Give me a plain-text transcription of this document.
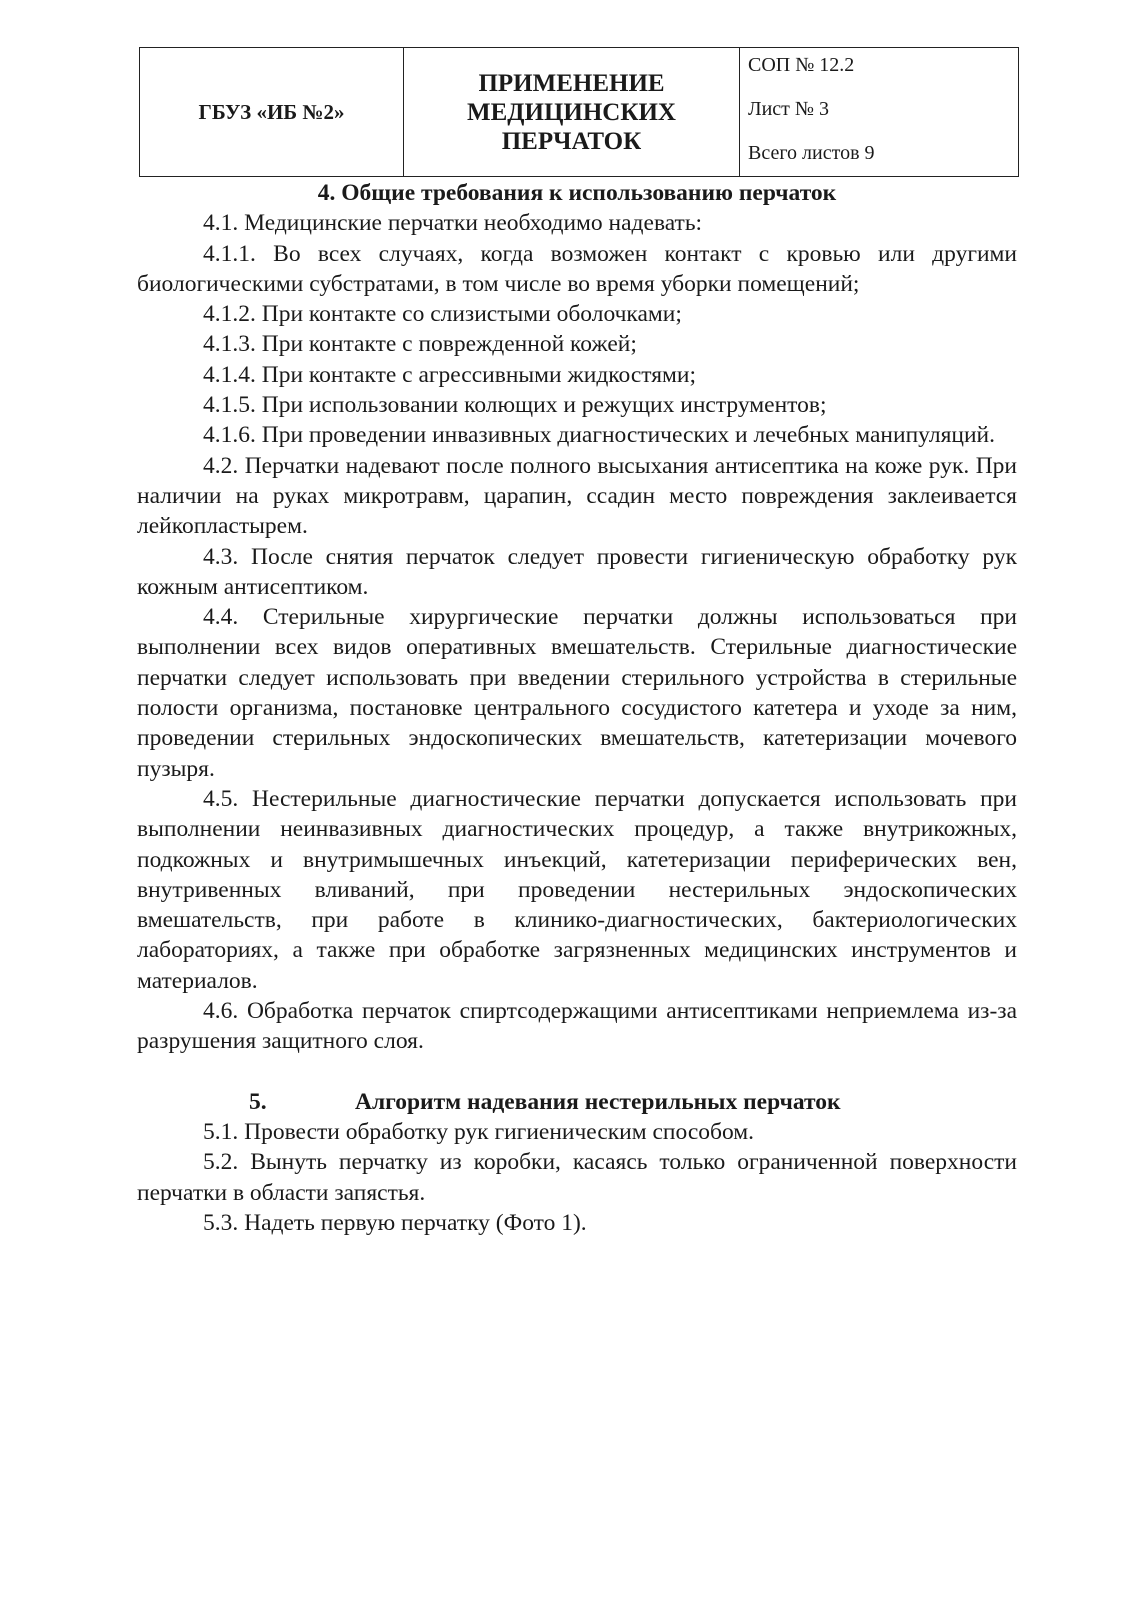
ГБУЗ «ИБ №2»
ПРИМЕНЕНИЕ
МЕДИЦИНСКИХ
ПЕРЧАТОК
СОП № 12.2
Лист № 3
Всего листов 9

4. Общие требования к использованию перчаток

4.1. Медицинские перчатки необходимо надевать:

4.1.1. Во всех случаях, когда возможен контакт с кровью или другими биологическими субстратами, в том числе во время уборки помещений;

4.1.2. При контакте со слизистыми оболочками;

4.1.3. При контакте с поврежденной кожей;

4.1.4. При контакте с агрессивными жидкостями;

4.1.5. При использовании колющих и режущих инструментов;

4.1.6. При проведении инвазивных диагностических и лечебных манипуляций.

4.2. Перчатки надевают после полного высыхания антисептика на коже рук. При наличии на руках микротравм, царапин, ссадин место повреждения заклеивается лейкопластырем.

4.3. После снятия перчаток следует провести гигиеническую обработку рук кожным антисептиком.

4.4. Стерильные хирургические перчатки должны использоваться при выполнении всех видов оперативных вмешательств. Стерильные диагностические перчатки следует использовать при введении стерильного устройства в стерильные полости организма, постановке центрального сосудистого катетера и уходе за ним, проведении стерильных эндоскопических вмешательств, катетеризации мочевого пузыря.

4.5. Нестерильные диагностические перчатки допускается использовать при выполнении неинвазивных диагностических процедур, а также внутрикожных, подкожных и внутримышечных инъекций, катетеризации периферических вен, внутривенных вливаний, при проведении нестерильных эндоскопических вмешательств, при работе в клинико-диагностических, бактериологических лабораториях, а также при обработке загрязненных медицинских инструментов и материалов.

4.6. Обработка перчаток спиртсодержащими антисептиками неприемлема из-за разрушения защитного слоя.

5.	Алгоритм надевания нестерильных перчаток

5.1. Провести обработку рук гигиеническим способом.

5.2. Вынуть перчатку из коробки, касаясь только ограниченной поверхности перчатки в области запястья.

5.3. Надеть первую перчатку (Фото 1).
